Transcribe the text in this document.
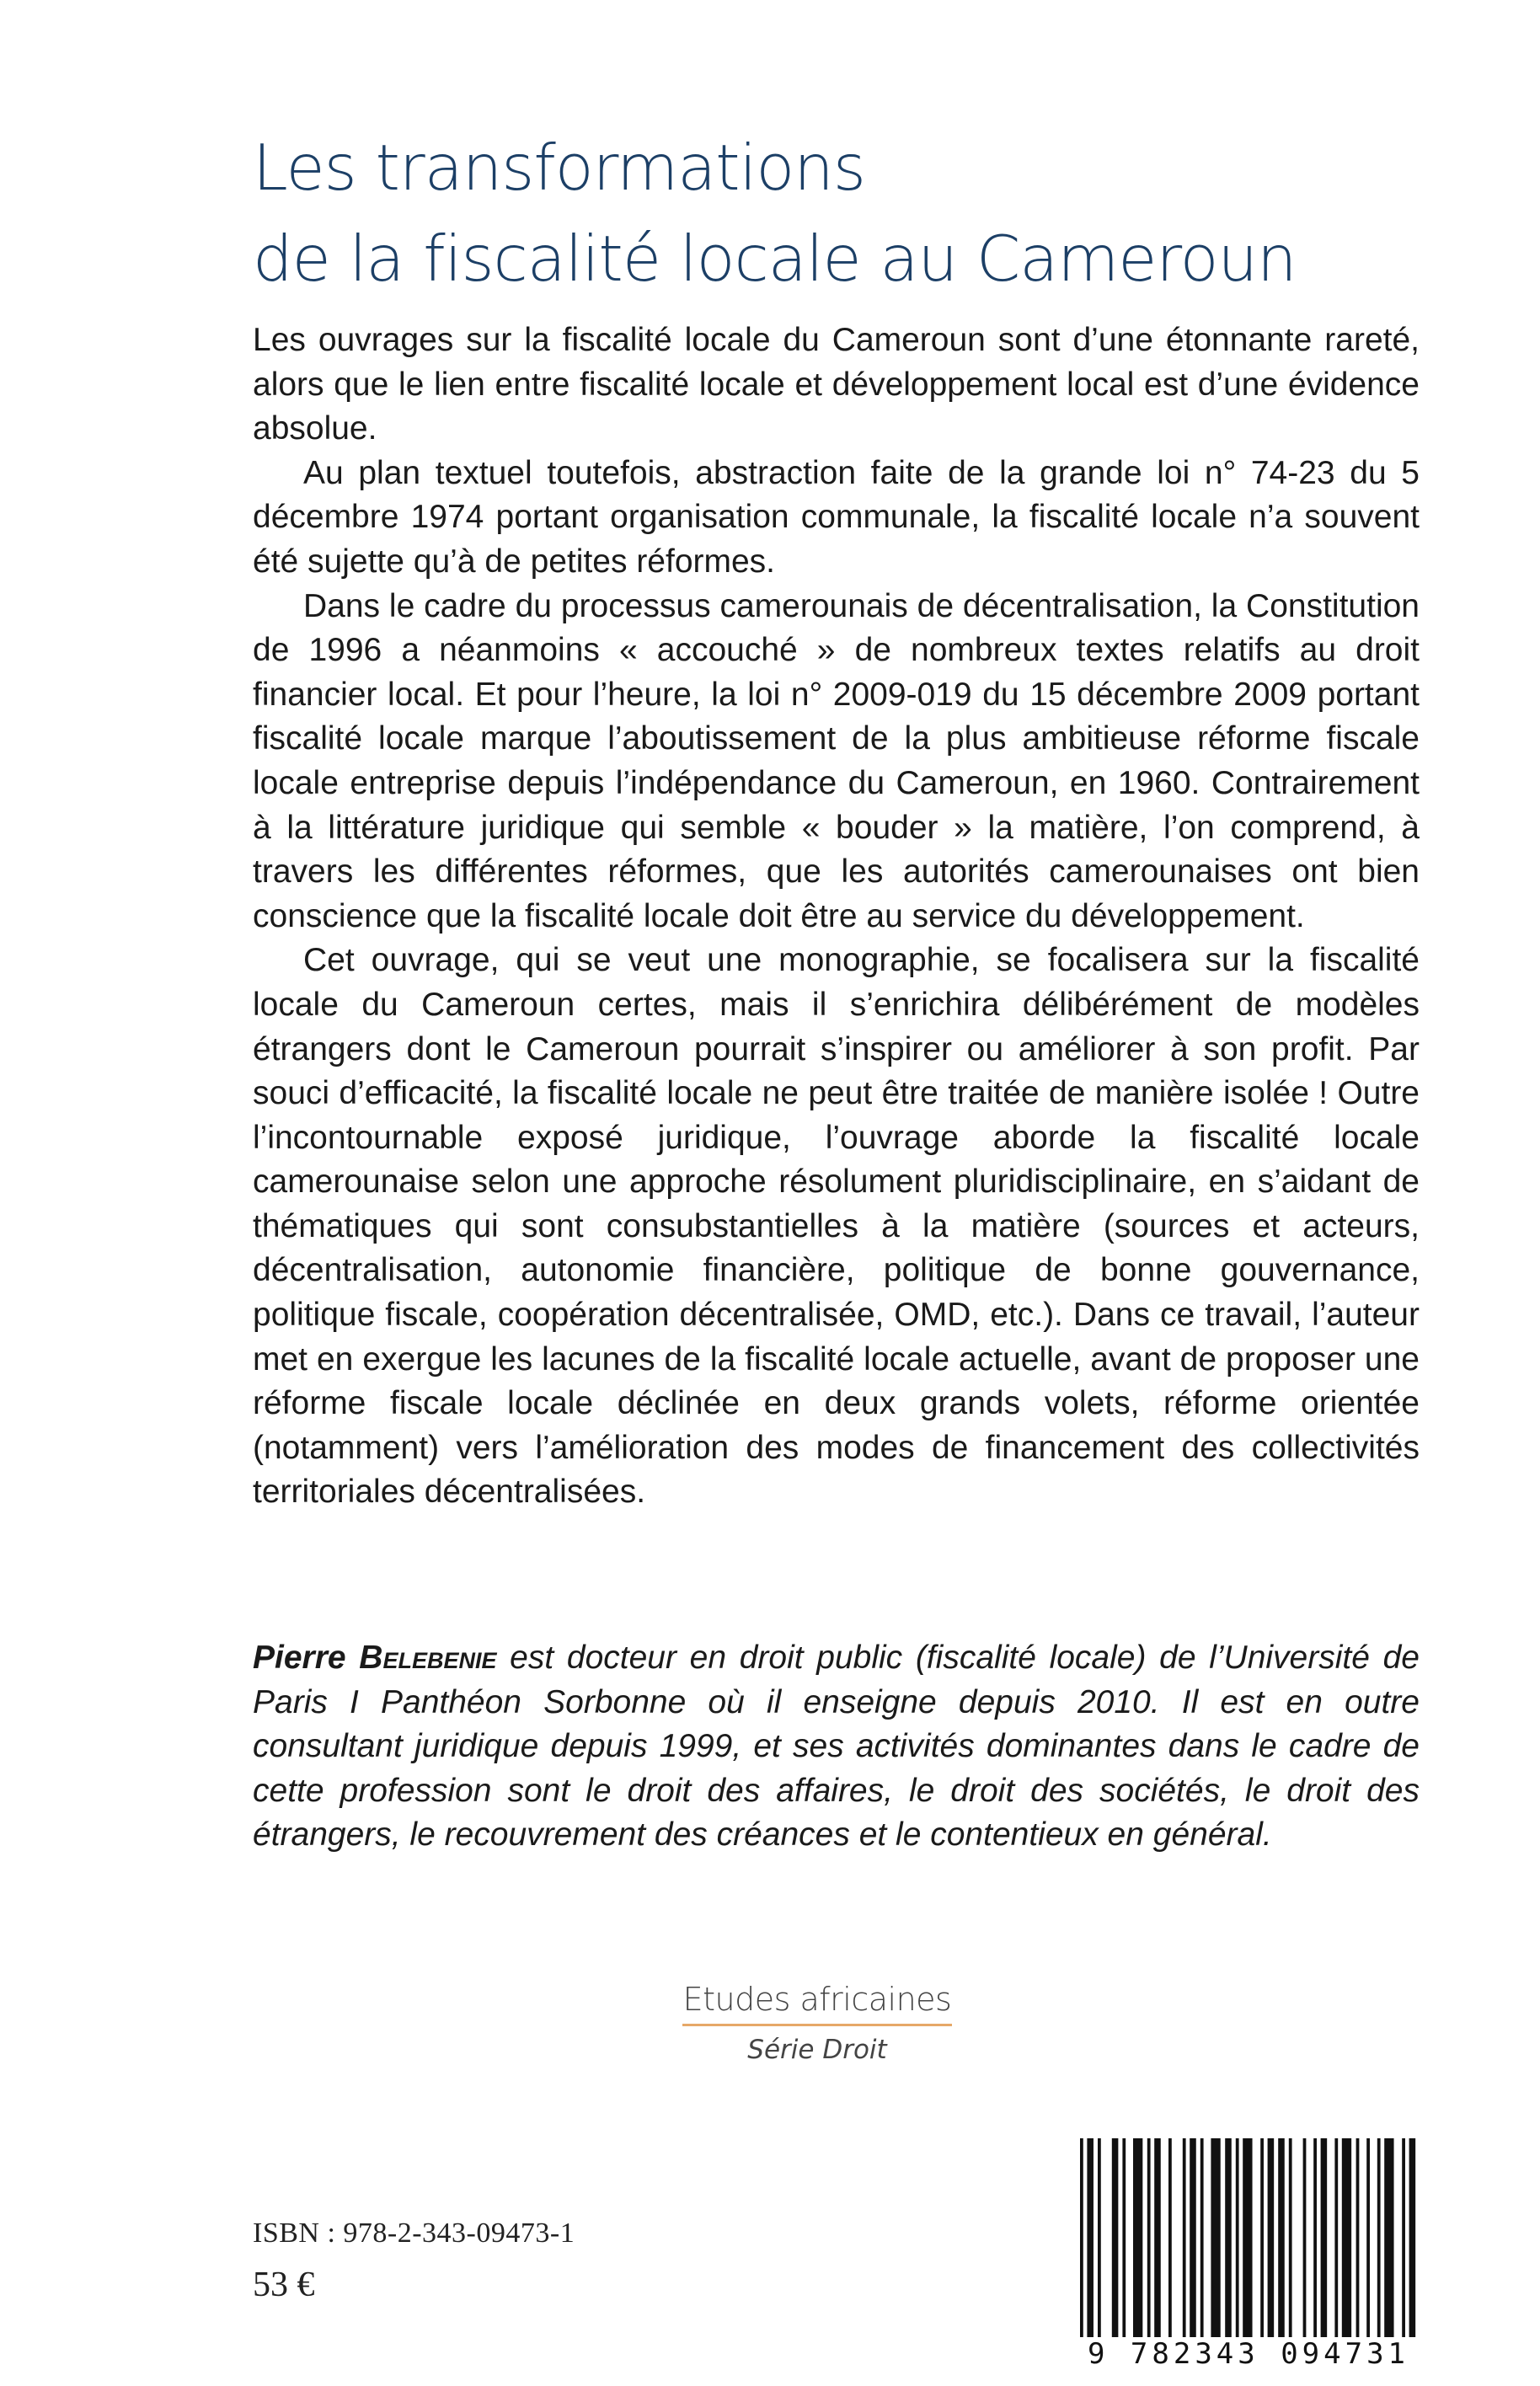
Les transformations
de la fiscalité locale au Cameroun

Les ouvrages sur la fiscalité locale du Cameroun sont d’une étonnante rareté, alors que le lien entre fiscalité locale et développement local est d’une évidence absolue.

Au plan textuel toutefois, abstraction faite de la grande loi n° 74-23 du 5 décembre 1974 portant organisation communale, la fiscalité locale n’a souvent été sujette qu’à de petites réformes.

Dans le cadre du processus camerounais de décentralisation, la Constitution de 1996 a néanmoins « accouché » de nombreux textes relatifs au droit financier local. Et pour l’heure, la loi n° 2009-019 du 15 décembre 2009 portant fiscalité locale marque l’aboutissement de la plus ambitieuse réforme fiscale locale entreprise depuis l’indépendance du Cameroun, en 1960. Contrairement à la littérature juridique qui semble « bouder » la matière, l’on comprend, à travers les différentes réformes, que les autorités camerounaises ont bien conscience que la fiscalité locale doit être au service du développement.

Cet ouvrage, qui se veut une monographie, se focalisera sur la fiscalité locale du Cameroun certes, mais il s’enrichira délibérément de modèles étrangers dont le Cameroun pourrait s’inspirer ou améliorer à son profit. Par souci d’efficacité, la fiscalité locale ne peut être traitée de manière isolée ! Outre l’incontournable exposé juridique, l’ouvrage aborde la fiscalité locale camerounaise selon une approche résolument pluridisciplinaire, en s’aidant de thématiques qui sont consubstantielles à la matière (sources et acteurs, décentralisation, autonomie financière, politique de bonne gouvernance, politique fiscale, coopération décentralisée, OMD, etc.). Dans ce travail, l’auteur met en exergue les lacunes de la fiscalité locale actuelle, avant de proposer une réforme fiscale locale déclinée en deux grands volets, réforme orientée (notamment) vers l’amélioration des modes de financement des collectivités territoriales décentralisées.

Pierre Belebenie est docteur en droit public (fiscalité locale) de l’Université de Paris I Panthéon Sorbonne où il enseigne depuis 2010. Il est en outre consultant juridique depuis 1999, et ses activités dominantes dans le cadre de cette profession sont le droit des affaires, le droit des sociétés, le droit des étrangers, le recouvrement des créances et le contentieux en général.
Etudes africaines
Série Droit
ISBN : 978-2-343-09473-1
53 €
9 782343 094731
